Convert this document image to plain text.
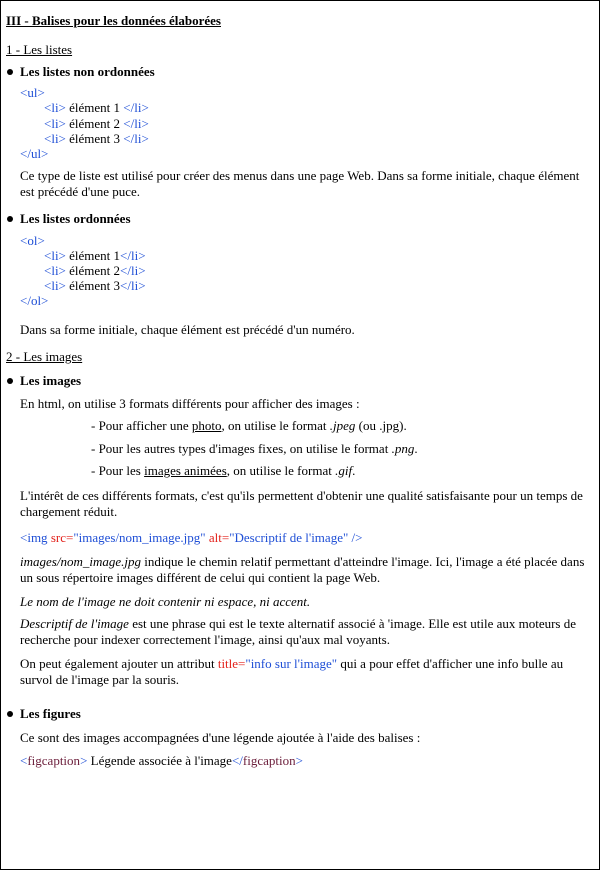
III - Balises pour les données élaborées
1 - Les listes
Les listes non ordonnées
<ul>
<li> élément 1 </li>
<li> élément 2 </li>
<li> élément 3 </li>
</ul>
Ce type de liste est utilisé pour créer des menus dans une page Web. Dans sa forme initiale, chaque élément est précédé d'une puce.
Les listes ordonnées
<ol>
<li> élément 1</li>
<li> élément 2</li>
<li> élément 3</li>
</ol>
Dans sa forme initiale, chaque élément est précédé d'un numéro.
2 - Les images
Les images
En html, on utilise 3 formats différents pour afficher des images :
- Pour afficher une photo, on utilise le format .jpeg (ou .jpg).
- Pour les autres types d'images fixes, on utilise le format .png.
- Pour les images animées, on utilise le format .gif.
L'intérêt de ces différents formats, c'est qu'ils permettent d'obtenir une qualité satisfaisante pour un temps de chargement réduit.
<img src="images/nom_image.jpg" alt="Descriptif de l'image" />
images/nom_image.jpg indique le chemin relatif permettant d'atteindre l'image. Ici, l'image a été placée dans un sous répertoire images différent de celui qui contient la page Web.
Le nom de l'image ne doit contenir ni espace, ni accent.
Descriptif de l'image est une phrase qui est le texte alternatif associé à 'image. Elle est utile aux moteurs de recherche pour indexer correctement l'image, ainsi qu'aux mal voyants.
On peut également ajouter un attribut title="info sur l'image" qui a pour effet d'afficher une info bulle au survol de l'image par la souris.
Les figures
Ce sont des images accompagnées d'une légende ajoutée à l'aide des balises :
<figcaption> Légende associée à l'image</figcaption>
